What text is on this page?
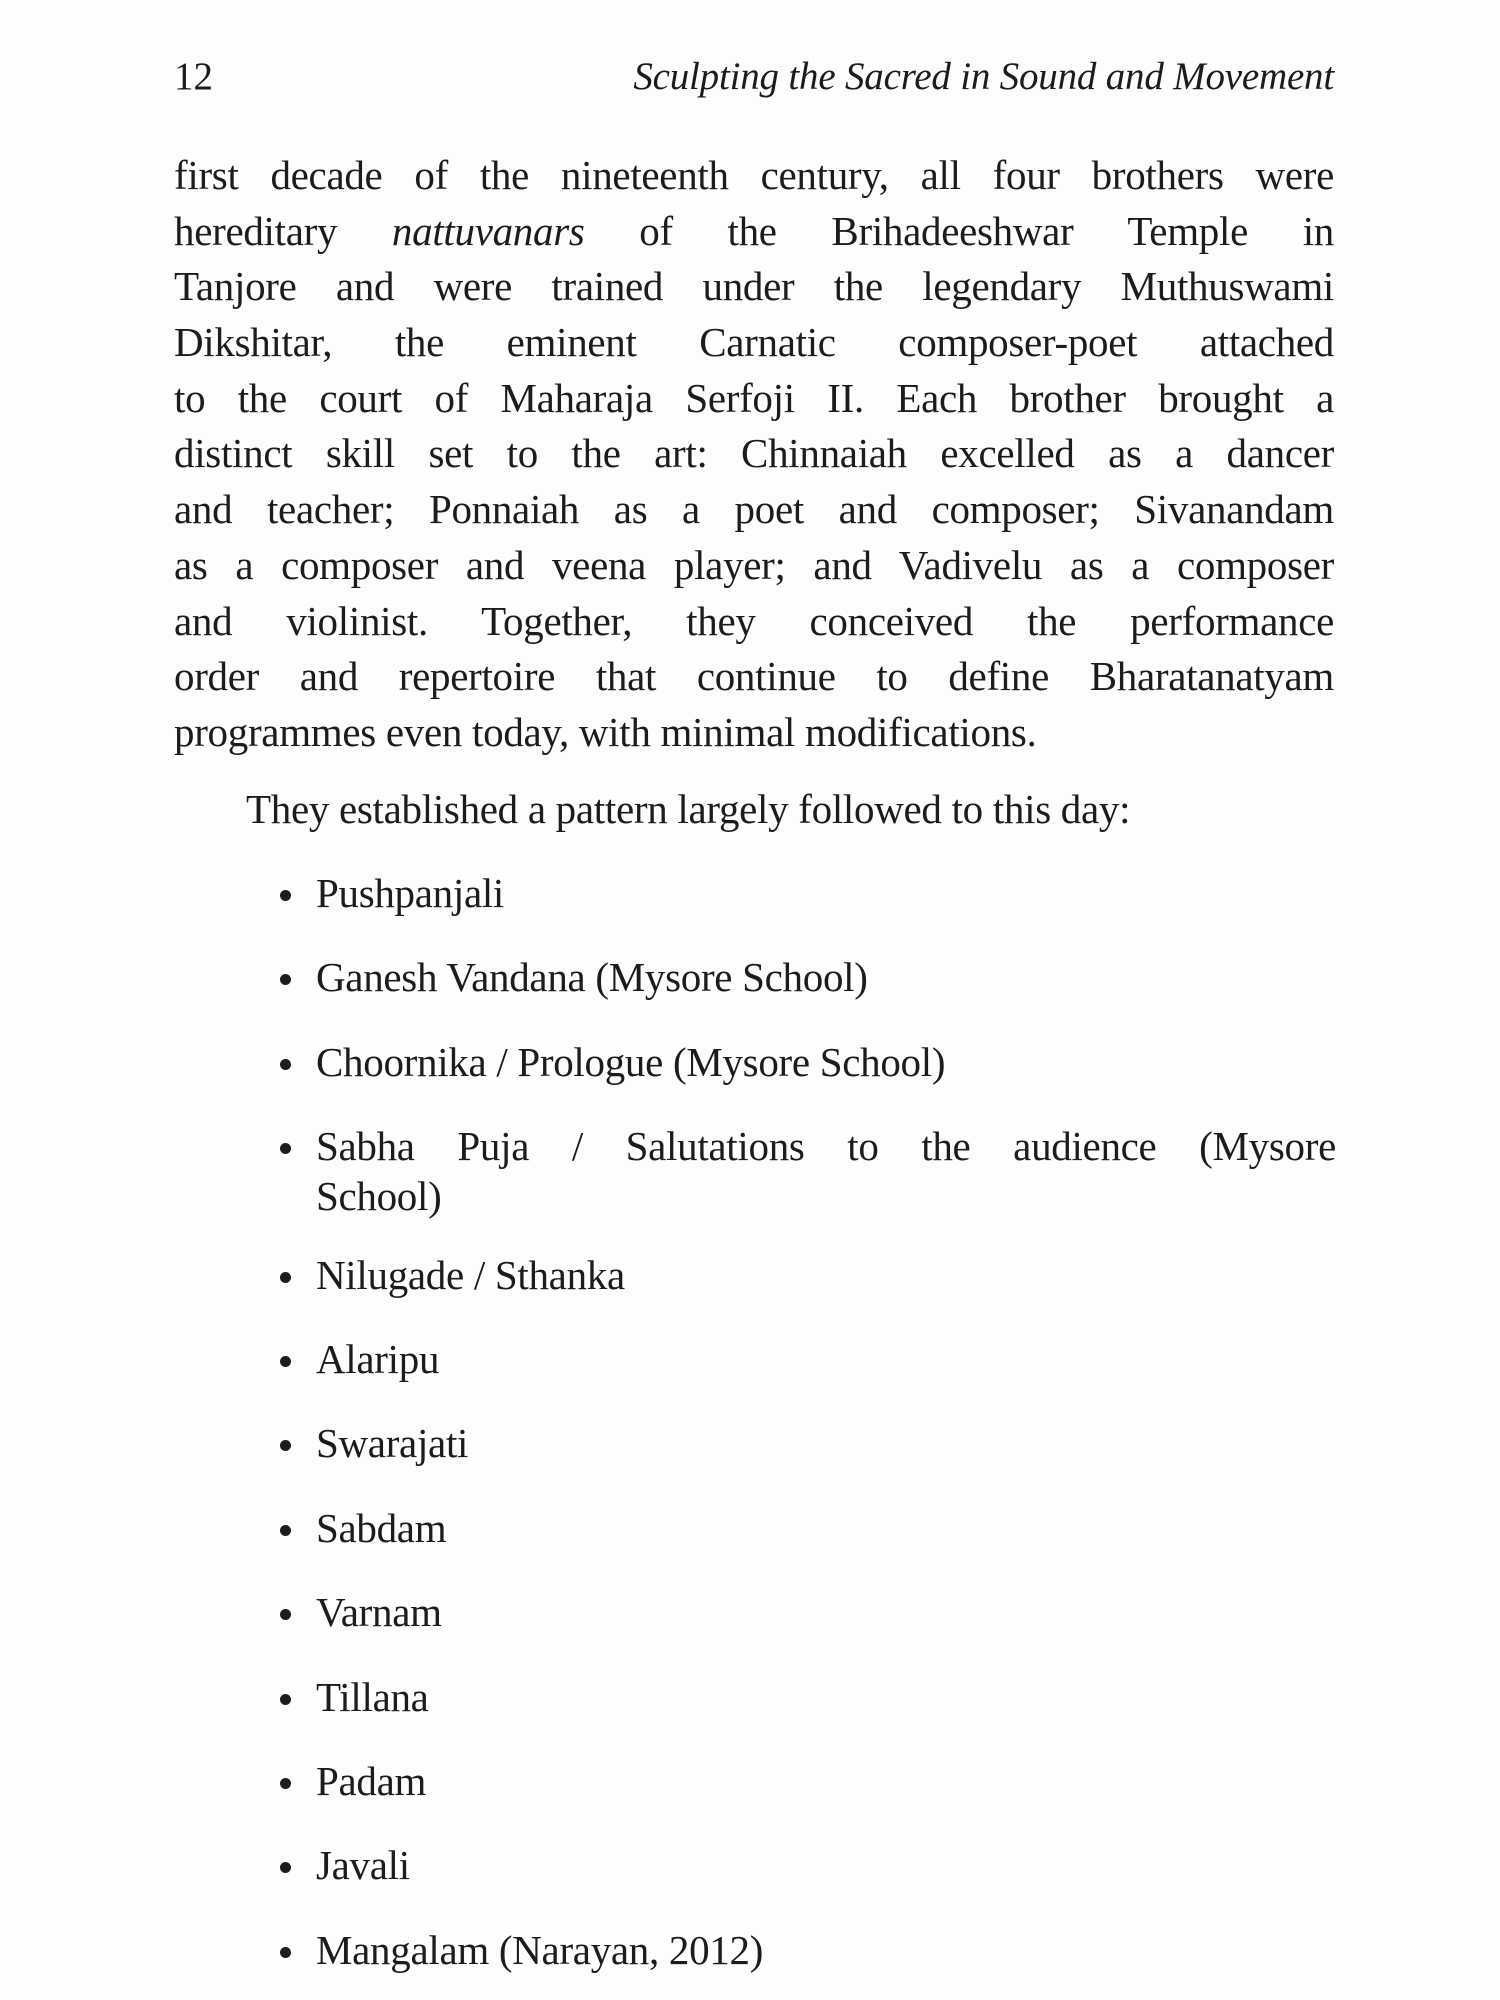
12	Sculpting the Sacred in Sound and Movement
first decade of the nineteenth century, all four brothers were
hereditary nattuvanars of the Brihadeeshwar Temple in
Tanjore and were trained under the legendary Muthuswami
Dikshitar, the eminent Carnatic composer-poet attached
to the court of Maharaja Serfoji II. Each brother brought a
distinct skill set to the art: Chinnaiah excelled as a dancer
and teacher; Ponnaiah as a poet and composer; Sivanandam
as a composer and veena player; and Vadivelu as a composer
and violinist. Together, they conceived the performance
order and repertoire that continue to define Bharatanatyam
programmes even today, with minimal modifications.

They established a pattern largely followed to this day:

Pushpanjali
Ganesh Vandana (Mysore School)
Choornika / Prologue (Mysore School)
Sabha Puja / Salutations to the audience (Mysore
School)
Nilugade / Sthanka
Alaripu
Swarajati
Sabdam
Varnam
Tillana
Padam
Javali
Mangalam (Narayan, 2012)
